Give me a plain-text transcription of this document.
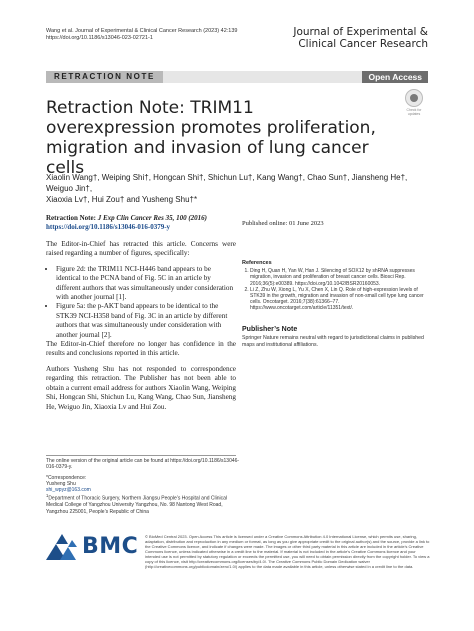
Wang et al. Journal of Experimental & Clinical Cancer Research (2023) 42:139
https://doi.org/10.1186/s13046-023-02721-1	Journal of Experimental &
Clinical Cancer Research
RETRACTION NOTE	Open Access
Check for updates
Retraction Note: TRIM11 overexpression promotes proliferation, migration and invasion of lung cancer cells
Xiaolin Wang†, Weiping Shi†, Hongcan Shi†, Shichun Lu†, Kang Wang†, Chao Sun†, Jiansheng He†, Weiguo Jin†,
Xiaoxia Lv†, Hui Zou† and Yusheng Shu†*
Retraction Note: J Exp Clin Cancer Res 35, 100 (2016)
https://doi.org/10.1186/s13046-016-0379-y	Published online: 01 June 2023

The Editor-in-Chief has retracted this article. Concerns were raised regarding a number of figures, specifically:

• Figure 2d: the TRIM11 NCI-H446 band appears to be identical to the PCNA band of Fig. 5C in an article by different authors that was simultaneously under consideration with another journal [1].
• Figure 5a: the p-AKT band appears to be identical to the STK39 NCI-H358 band of Fig. 3C in an article by different authors that was simultaneously under consideration with another journal [2].

The Editor-in-Chief therefore no longer has confidence in the results and conclusions reported in this article.

Authors Yusheng Shu has not responded to correspondence regarding this retraction. The Publisher has not been able to obtain a current email address for authors Xiaolin Wang, Weiping Shi, Hongcan Shi, Shichun Lu, Kang Wang, Chao Sun, Jiansheng He, Weiguo Jin, Xiaoxia Lv and Hui Zou.

References
1. Ding H, Quan H, Yan W, Han J. Silencing of SOX12 by shRNA suppresses migration, invasion and proliferation of breast cancer cells. Biosci Rep. 2016;36(5):e00389. https://doi.org/10.1042/BSR20160053.
2. Li Z, Zhu W, Xiong L, Yu X, Chen X, Lin Q. Role of high-expression levels of STK39 in the growth, migration and invasion of non-small cell type lung cancer cells. Oncotarget. 2016;7(38):61366–77. https://www.oncotarget.com/article/11351/text/.
Publisher’s Note
Springer Nature remains neutral with regard to jurisdictional claims in published maps and institutional affiliations.
The online version of the original article can be found at https://doi.org/10.1186/s13046-016-0379-y.
*Correspondence:
Yusheng Shu
shi_wpyz@163.com
$^1$Department of Thoracic Surgery, Northern Jiangsu People’s Hospital and Clinical Medical College of Yangzhou University Yangzhou, No. 98 Nantong West Road, Yangzhou 225001, People’s Republic of China
BMC © BioMed Central 2023. Open Access This article is licensed under a Creative Commons Attribution 4.0 International License, which permits use, sharing, adaptation, distribution and reproduction in any medium or format, as long as you give appropriate credit to the original author(s) and the source, provide a link to the Creative Commons licence, and indicate if changes were made. The images or other third party material in this article are included in the article’s Creative Commons licence, unless indicated otherwise in a credit line to the material. If material is not included in the article’s Creative Commons licence and your intended use is not permitted by statutory regulation or exceeds the permitted use, you will need to obtain permission directly from the copyright holder. To view a copy of this licence, visit http://creativecommons.org/licenses/by/4.0/. The Creative Commons Public Domain Dedication waiver (http://creativecommons.org/publicdomain/zero/1.0/) applies to the data made available in this article, unless otherwise stated in a credit line to the data.
